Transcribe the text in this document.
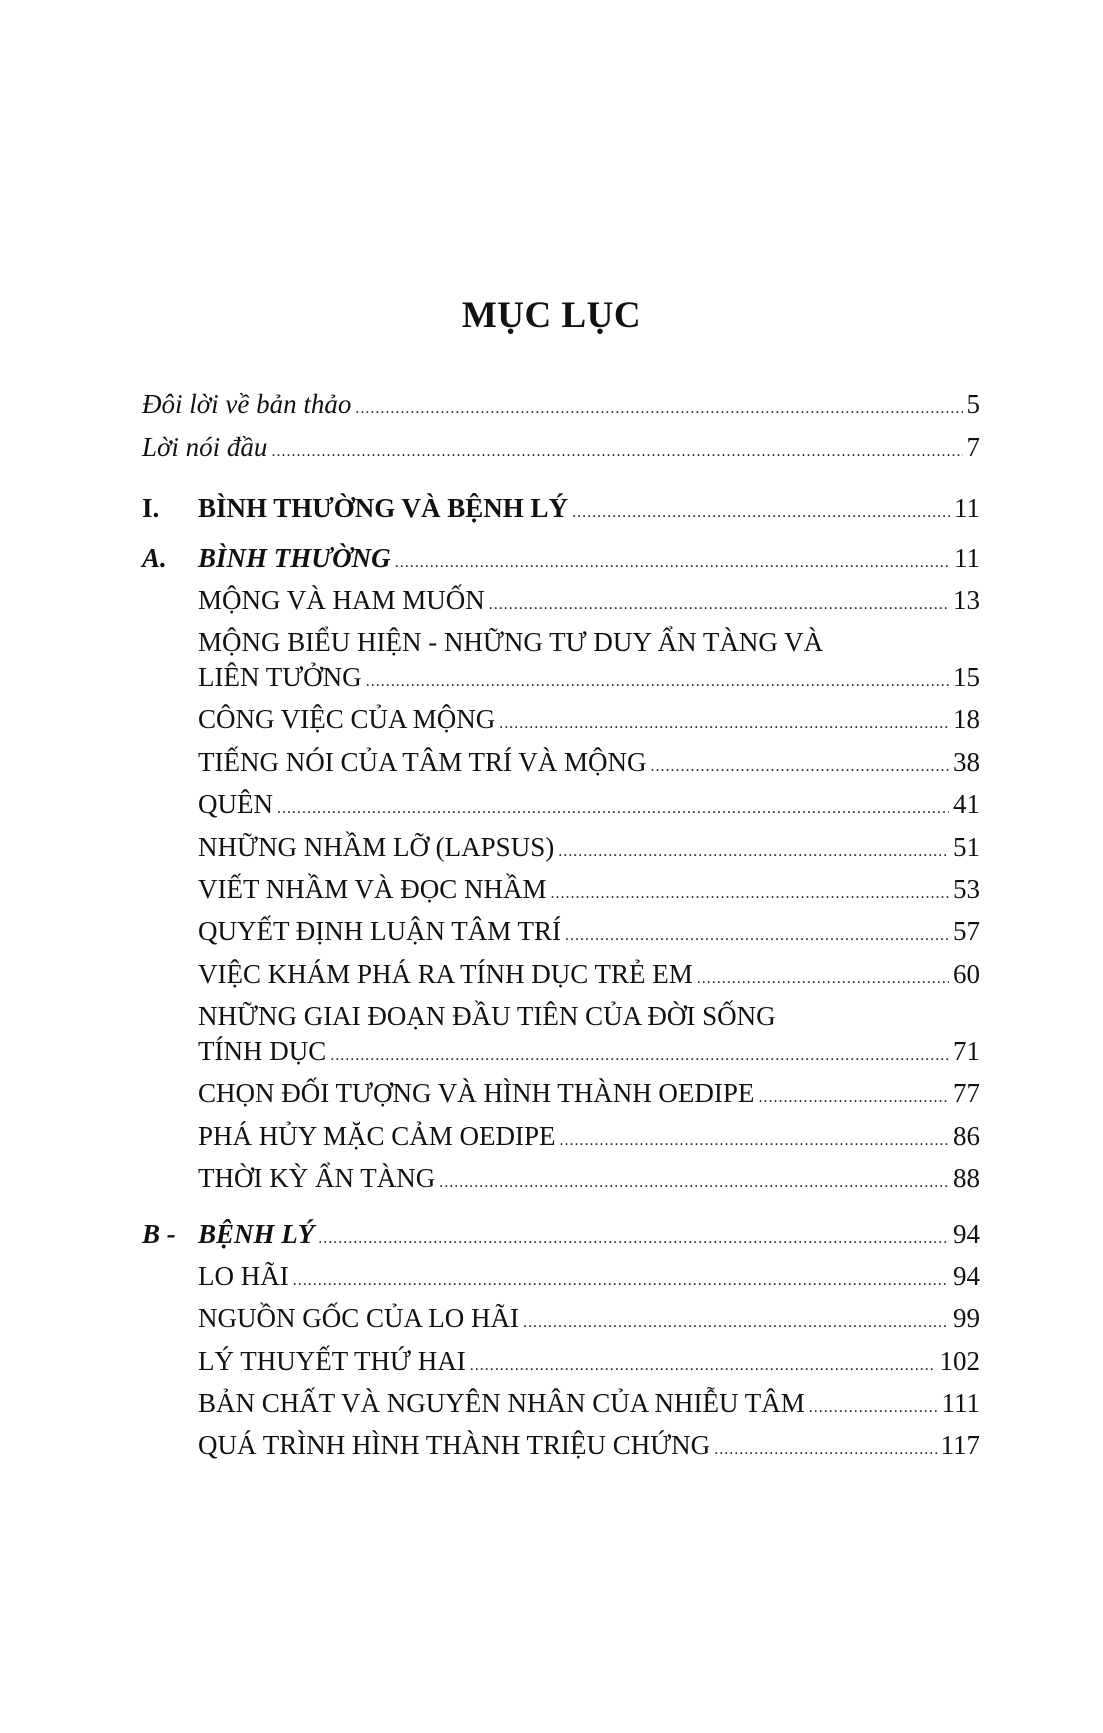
MỤC LỤC
Đôi lời về bản thảo .....	5
Lời nói đầu .....	7
I. BÌNH THƯỜNG VÀ BỆNH LÝ .....	11
A. BÌNH THƯỜNG .....	11
MỘNG VÀ HAM MUỐN .....	13
MỘNG BIỂU HIỆN - NHỮNG TƯ DUY ẨN TÀNG VÀ
LIÊN TƯỞNG .....	15
CÔNG VIỆC CỦA MỘNG .....	18
TIẾNG NÓI CỦA TÂM TRÍ VÀ MỘNG .....	38
QUÊN .....	41
NHỮNG NHẦM LỠ (LAPSUS) .....	51
VIẾT NHẦM VÀ ĐỌC NHẦM .....	53
QUYẾT ĐỊNH LUẬN TÂM TRÍ .....	57
VIỆC KHÁM PHÁ RA TÍNH DỤC TRẺ EM .....	60
NHỮNG GIAI ĐOẠN ĐẦU TIÊN CỦA ĐỜI SỐNG
TÍNH DỤC .....	71
CHỌN ĐỐI TƯỢNG VÀ HÌNH THÀNH OEDIPE .....	77
PHÁ HỦY MẶC CẢM OEDIPE .....	86
THỜI KỲ ẨN TÀNG .....	88
B - BỆNH LÝ .....	94
LO HÃI .....	94
NGUỒN GỐC CỦA LO HÃI .....	99
LÝ THUYẾT THỨ HAI .....	102
BẢN CHẤT VÀ NGUYÊN NHÂN CỦA NHIỄU TÂM .....	111
QUÁ TRÌNH HÌNH THÀNH TRIỆU CHỨNG .....	117
